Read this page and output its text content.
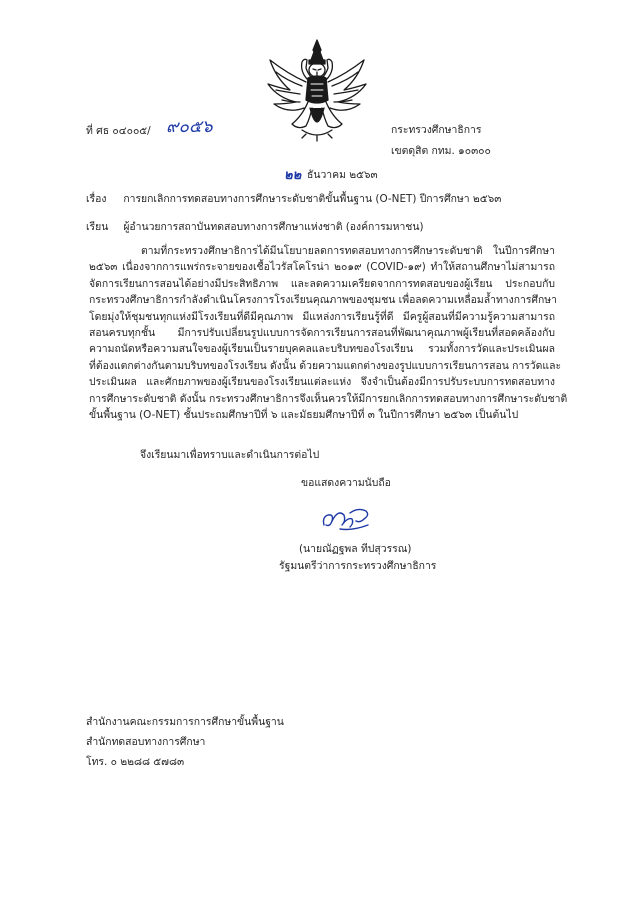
ที่ ศธ ๐๔๐๐๕/ ๙๐๕๖	กระทรวงศึกษาธิการ
เขตดุสิต กทม. ๑๐๓๐๐
๒๒ ธันวาคม ๒๕๖๓
เรื่อง การยกเลิกการทดสอบทางการศึกษาระดับชาติขั้นพื้นฐาน (O-NET) ปีการศึกษา ๒๕๖๓
เรียน ผู้อำนวยการสถาบันทดสอบทางการศึกษาแห่งชาติ (องค์การมหาชน)
ตามที่กระทรวงศึกษาธิการได้มีนโยบายลดการทดสอบทางการศึกษาระดับชาติ ในปีการศึกษา
๒๕๖๓ เนื่องจากการแพร่กระจายของเชื้อไวรัสโคโรน่า ๒๐๑๙ (COVID-๑๙) ทำให้สถานศึกษาไม่สามารถ
จัดการเรียนการสอนได้อย่างมีประสิทธิภาพ และลดความเครียดจากการทดสอบของผู้เรียน ประกอบกับ
กระทรวงศึกษาธิการกำลังดำเนินโครงการโรงเรียนคุณภาพของชุมชน เพื่อลดความเหลื่อมล้ำทางการศึกษา
โดยมุ่งให้ชุมชนทุกแห่งมีโรงเรียนที่ดีมีคุณภาพ มีแหล่งการเรียนรู้ที่ดี มีครูผู้สอนที่มีความรู้ความสามารถ
สอนครบทุกชั้น มีการปรับเปลี่ยนรูปแบบการจัดการเรียนการสอนที่พัฒนาคุณภาพผู้เรียนที่สอดคล้องกับ
ความถนัดหรือความสนใจของผู้เรียนเป็นรายบุคคลและบริบทของโรงเรียน รวมทั้งการวัดและประเมินผล
ที่ต้องแตกต่างกันตามบริบทของโรงเรียน ดังนั้น ด้วยความแตกต่างของรูปแบบการเรียนการสอน การวัดและ
ประเมินผล และศักยภาพของผู้เรียนของโรงเรียนแต่ละแห่ง จึงจำเป็นต้องมีการปรับระบบการทดสอบทาง
การศึกษาระดับชาติ ดังนั้น กระทรวงศึกษาธิการจึงเห็นควรให้มีการยกเลิกการทดสอบทางการศึกษาระดับชาติ
ขั้นพื้นฐาน (O-NET) ชั้นประถมศึกษาปีที่ ๖ และมัธยมศึกษาปีที่ ๓ ในปีการศึกษา ๒๕๖๓ เป็นต้นไป
จึงเรียนมาเพื่อทราบและดำเนินการต่อไป
ขอแสดงความนับถือ
(นายณัฏฐพล ทีปสุวรรณ)
รัฐมนตรีว่าการกระทรวงศึกษาธิการ
สำนักงานคณะกรรมการการศึกษาขั้นพื้นฐาน
สำนักทดสอบทางการศึกษา
โทร. ๐ ๒๒๘๘ ๕๗๘๓
